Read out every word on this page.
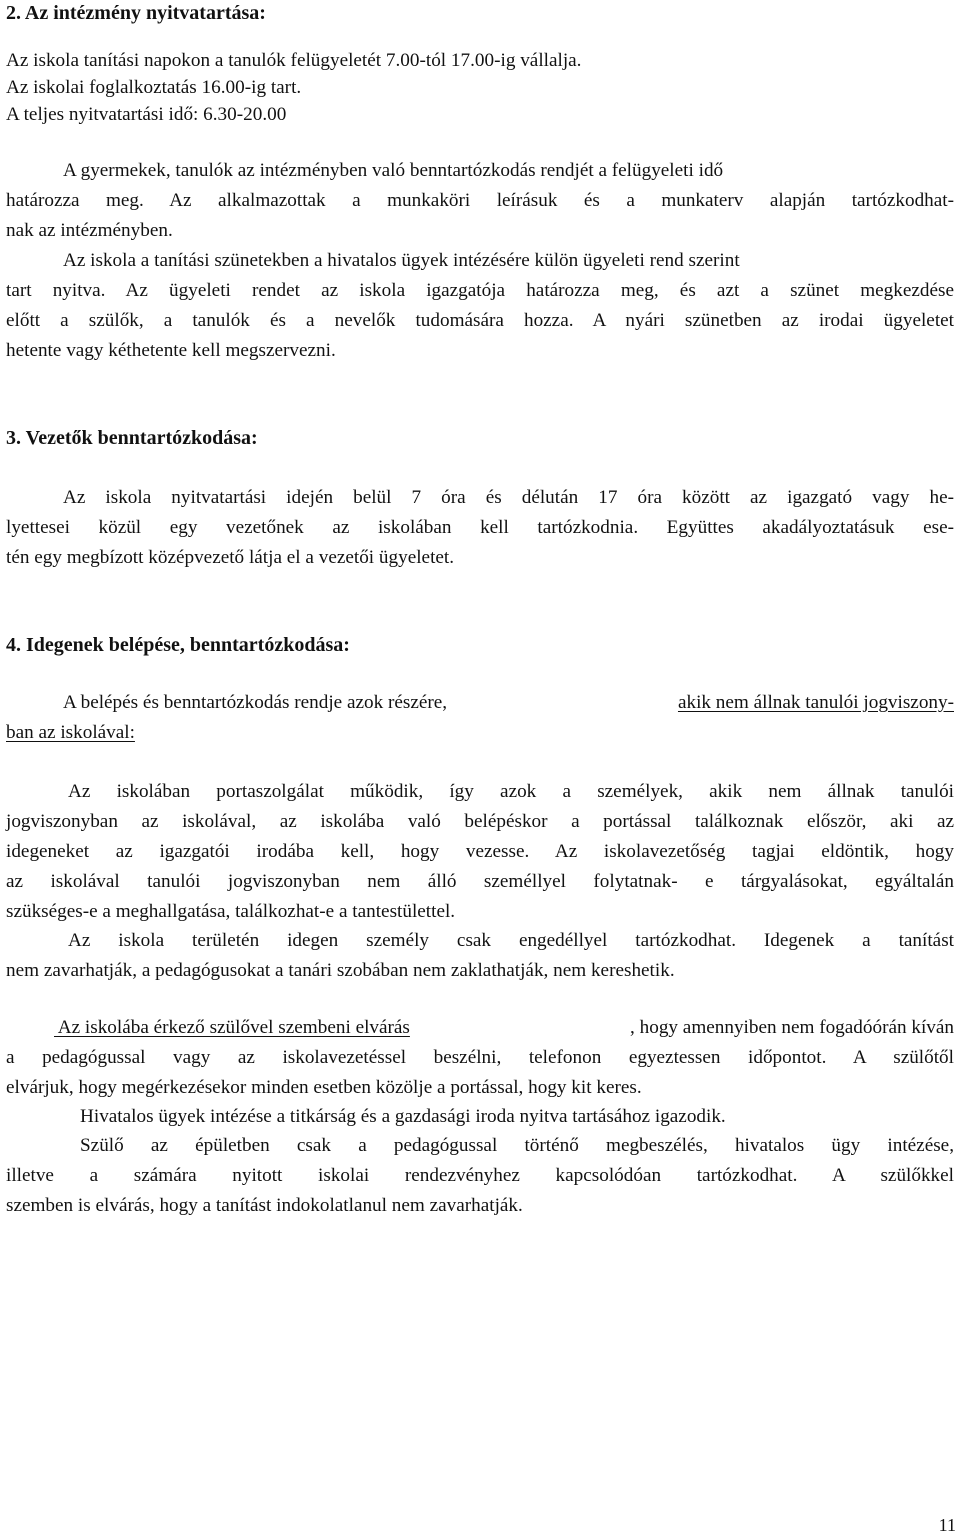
2. Az intézmény nyitvatartása:
Az iskola tanítási napokon a tanulók felügyeletét 7.00-tól 17.00-ig vállalja.
Az iskolai foglalkoztatás 16.00-ig tart.
A teljes nyitvatartási idő: 6.30-20.00
A gyermekek, tanulók az intézményben való benntartózkodás rendjét a felügyeleti idő
határozza meg. Az alkalmazottak a munkaköri leírásuk és a munkaterv alapján tartózkodhat-
nak az intézményben.
Az iskola a tanítási szünetekben a hivatalos ügyek intézésére külön ügyeleti rend szerint
tart nyitva. Az ügyeleti rendet az iskola igazgatója határozza meg, és azt a szünet megkezdése
előtt a szülők, a tanulók és a nevelők tudomására hozza. A nyári szünetben az irodai ügyeletet
hetente vagy kéthetente kell megszervezni.
3. Vezetők benntartózkodása:
Az iskola nyitvatartási idején belül 7 óra és délután 17 óra között az igazgató vagy he-
lyettesei közül egy vezetőnek az iskolában kell tartózkodnia. Együttes akadályoztatásuk ese-
tén egy megbízott középvezető látja el a vezetői ügyeletet.
4. Idegenek belépése, benntartózkodása:
A belépés és benntartózkodás rendje azok részére,	akik nem állnak tanulói jogviszony-
ban az iskolával:
Az iskolában portaszolgálat működik, így azok a személyek, akik nem állnak tanulói
jogviszonyban az iskolával, az iskolába való belépéskor a portással találkoznak először, aki az
idegeneket az igazgatói irodába kell, hogy vezesse. Az iskolavezetőség tagjai eldöntik, hogy
az iskolával tanulói jogviszonyban nem álló személlyel folytatnak- e tárgyalásokat, egyáltalán
szükséges-e a meghallgatása, találkozhat-e a tantestülettel.
Az iskola területén idegen személy csak engedéllyel tartózkodhat. Idegenek a tanítást
nem zavarhatják, a pedagógusokat a tanári szobában nem zaklathatják, nem kereshetik.
Az iskolába érkező szülővel szembeni elvárás	, hogy amennyiben nem fogadóórán kíván
a pedagógussal vagy az iskolavezetéssel beszélni, telefonon egyeztessen időpontot. A szülőtől
elvárjuk, hogy megérkezésekor minden esetben közölje a portással, hogy kit keres.
Hivatalos ügyek intézése a titkárság és a gazdasági iroda nyitva tartásához igazodik.
Szülő az épületben csak a pedagógussal történő megbeszélés, hivatalos ügy intézése,
illetve a számára nyitott iskolai rendezvényhez kapcsolódóan tartózkodhat. A szülőkkel
szemben is elvárás, hogy a tanítást indokolatlanul nem zavarhatják.
11
